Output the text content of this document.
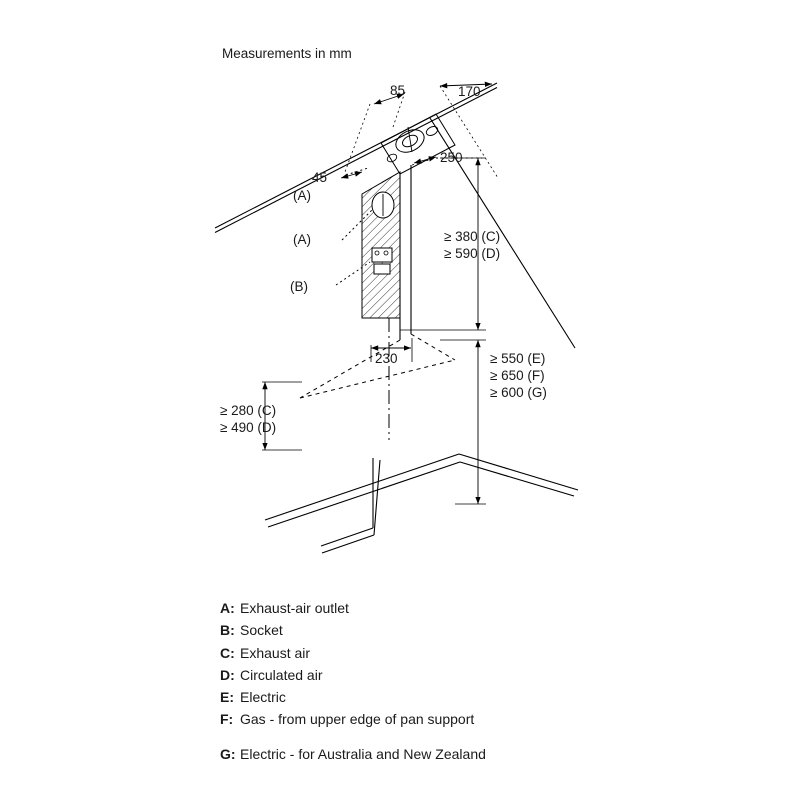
Measurements in mm
85	170
250
45
(A)
(A)
(B)
≥ 380 (C)
≥ 590 (D)
≥ 550 (E)
≥ 650 (F)
≥ 600 (G)
230
≥ 280 (C)
≥ 490 (D)
A: Exhaust-air outlet
B: Socket
C: Exhaust air
D: Circulated air
E: Electric
F: Gas - from upper edge of pan support
G: Electric - for Australia and New Zealand
